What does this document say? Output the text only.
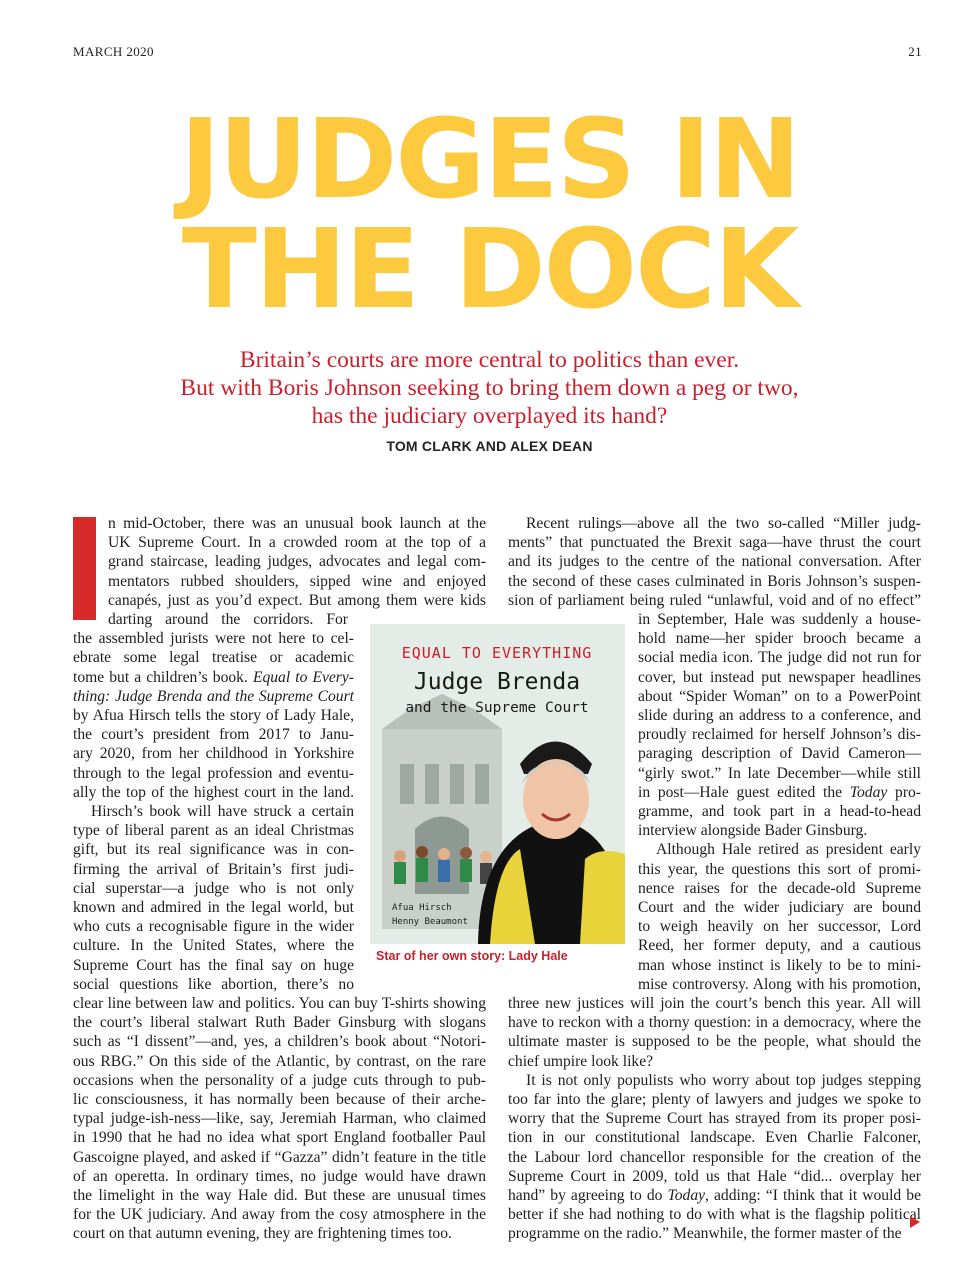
MARCH 2020	21
JUDGES IN
THE DOCK
Britain’s courts are more central to politics than ever.
But with Boris Johnson seeking to bring them down a peg or two,
has the judiciary overplayed its hand?
TOM CLARK AND ALEX DEAN
n mid-October, there was an unusual book launch at the
UK Supreme Court. In a crowded room at the top of a
grand staircase, leading judges, advocates and legal com-
mentators rubbed shoulders, sipped wine and enjoyed
canapés, just as you’d expect. But among them were kids
darting around the corridors. For
the assembled jurists were not here to cel-
ebrate some legal treatise or academic
tome but a children’s book. Equal to Every-
thing: Judge Brenda and the Supreme Court
by Afua Hirsch tells the story of Lady Hale,
the court’s president from 2017 to Janu-
ary 2020, from her childhood in Yorkshire
through to the legal profession and eventu-
ally the top of the highest court in the land.
Hirsch’s book will have struck a certain
type of liberal parent as an ideal Christmas
gift, but its real significance was in con-
firming the arrival of Britain’s first judi-
cial superstar—a judge who is not only
known and admired in the legal world, but
who cuts a recognisable figure in the wider
culture. In the United States, where the
Supreme Court has the final say on huge
social questions like abortion, there’s no
clear line between law and politics. You can buy T-shirts showing
the court’s liberal stalwart Ruth Bader Ginsburg with slogans
such as “I dissent”—and, yes, a children’s book about “Notori-
ous RBG.” On this side of the Atlantic, by contrast, on the rare
occasions when the personality of a judge cuts through to pub-
lic consciousness, it has normally been because of their arche-
typal judge-ish-ness—like, say, Jeremiah Harman, who claimed
in 1990 that he had no idea what sport England footballer Paul
Gascoigne played, and asked if “Gazza” didn’t feature in the title
of an operetta. In ordinary times, no judge would have drawn
the limelight in the way Hale did. But these are unusual times
for the UK judiciary. And away from the cosy atmosphere in the
court on that autumn evening, they are frightening times too.
Recent rulings—above all the two so-called “Miller judg-
ments” that punctuated the Brexit saga—have thrust the court
and its judges to the centre of the national conversation. After
the second of these cases culminated in Boris Johnson’s suspen-
sion of parliament being ruled “unlawful, void and of no effect”
in September, Hale was suddenly a house-
hold name—her spider brooch became a
social media icon. The judge did not run for
cover, but instead put newspaper headlines
about “Spider Woman” on to a PowerPoint
slide during an address to a conference, and
proudly reclaimed for herself Johnson’s dis-
paraging description of David Cameron—
“girly swot.” In late December—while still
in post—Hale guest edited the Today pro-
gramme, and took part in a head-to-head
interview alongside Bader Ginsburg.
Although Hale retired as president early
this year, the questions this sort of promi-
nence raises for the decade-old Supreme
Court and the wider judiciary are bound
to weigh heavily on her successor, Lord
Reed, her former deputy, and a cautious
man whose instinct is likely to be to mini-
mise controversy. Along with his promotion,
three new justices will join the court’s bench this year. All will
have to reckon with a thorny question: in a democracy, where the
ultimate master is supposed to be the people, what should the
chief umpire look like?
It is not only populists who worry about top judges stepping
too far into the glare; plenty of lawyers and judges we spoke to
worry that the Supreme Court has strayed from its proper posi-
tion in our constitutional landscape. Even Charlie Falconer,
the Labour lord chancellor responsible for the creation of the
Supreme Court in 2009, told us that Hale “did... overplay her
hand” by agreeing to do Today, adding: “I think that it would be
better if she had nothing to do with what is the flagship political
programme on the radio.” Meanwhile, the former master of the
EQUAL TO EVERYTHING
Judge Brenda
and the Supreme Court
Afua Hirsch
Henny Beaumont
Star of her own story: Lady Hale
